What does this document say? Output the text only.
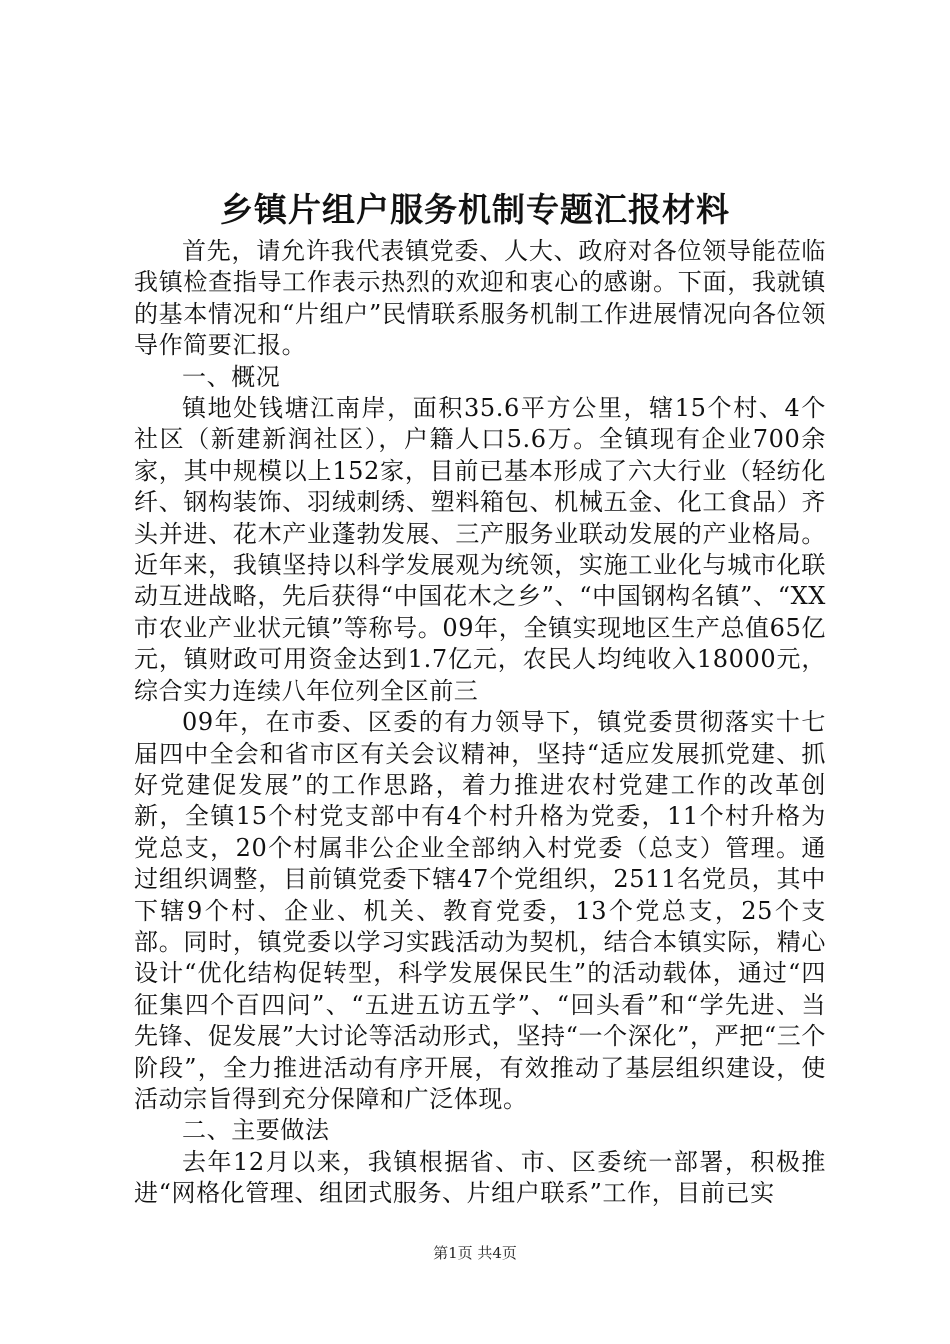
乡镇片组户服务机制专题汇报材料

首先，请允许我代表镇党委、人大、政府对各位领导能莅临我镇检查指导工作表示热烈的欢迎和衷心的感谢。下面，我就镇的基本情况和“片组户”民情联系服务机制工作进展情况向各位领导作简要汇报。

一、概况

镇地处钱塘江南岸，面积35.6平方公里，辖15个村、4个社区（新建新润社区），户籍人口5.6万。全镇现有企业700余家，其中规模以上152家，目前已基本形成了六大行业（轻纺化纤、钢构装饰、羽绒刺绣、塑料箱包、机械五金、化工食品）齐头并进、花木产业蓬勃发展、三产服务业联动发展的产业格局。近年来，我镇坚持以科学发展观为统领，实施工业化与城市化联动互进战略，先后获得“中国花木之乡”、“中国钢构名镇”、“XX市农业产业状元镇”等称号。09年，全镇实现地区生产总值65亿元，镇财政可用资金达到1.7亿元，农民人均纯收入18000元，综合实力连续八年位列全区前三

09年，在市委、区委的有力领导下，镇党委贯彻落实十七届四中全会和省市区有关会议精神，坚持“适应发展抓党建、抓好党建促发展”的工作思路，着力推进农村党建工作的改革创新，全镇15个村党支部中有4个村升格为党委，11个村升格为党总支，20个村属非公企业全部纳入村党委（总支）管理。通过组织调整，目前镇党委下辖47个党组织，2511名党员，其中下辖9个村、企业、机关、教育党委，13个党总支，25个支部。同时，镇党委以学习实践活动为契机，结合本镇实际，精心设计“优化结构促转型，科学发展保民生”的活动载体，通过“四征集四个百四问”、“五进五访五学”、“回头看”和“学先进、当先锋、促发展”大讨论等活动形式，坚持“一个深化”，严把“三个阶段”，全力推进活动有序开展，有效推动了基层组织建设，使活动宗旨得到充分保障和广泛体现。

二、主要做法

去年12月以来，我镇根据省、市、区委统一部署，积极推进“网格化管理、组团式服务、片组户联系”工作，目前已实

第1页 共4页
